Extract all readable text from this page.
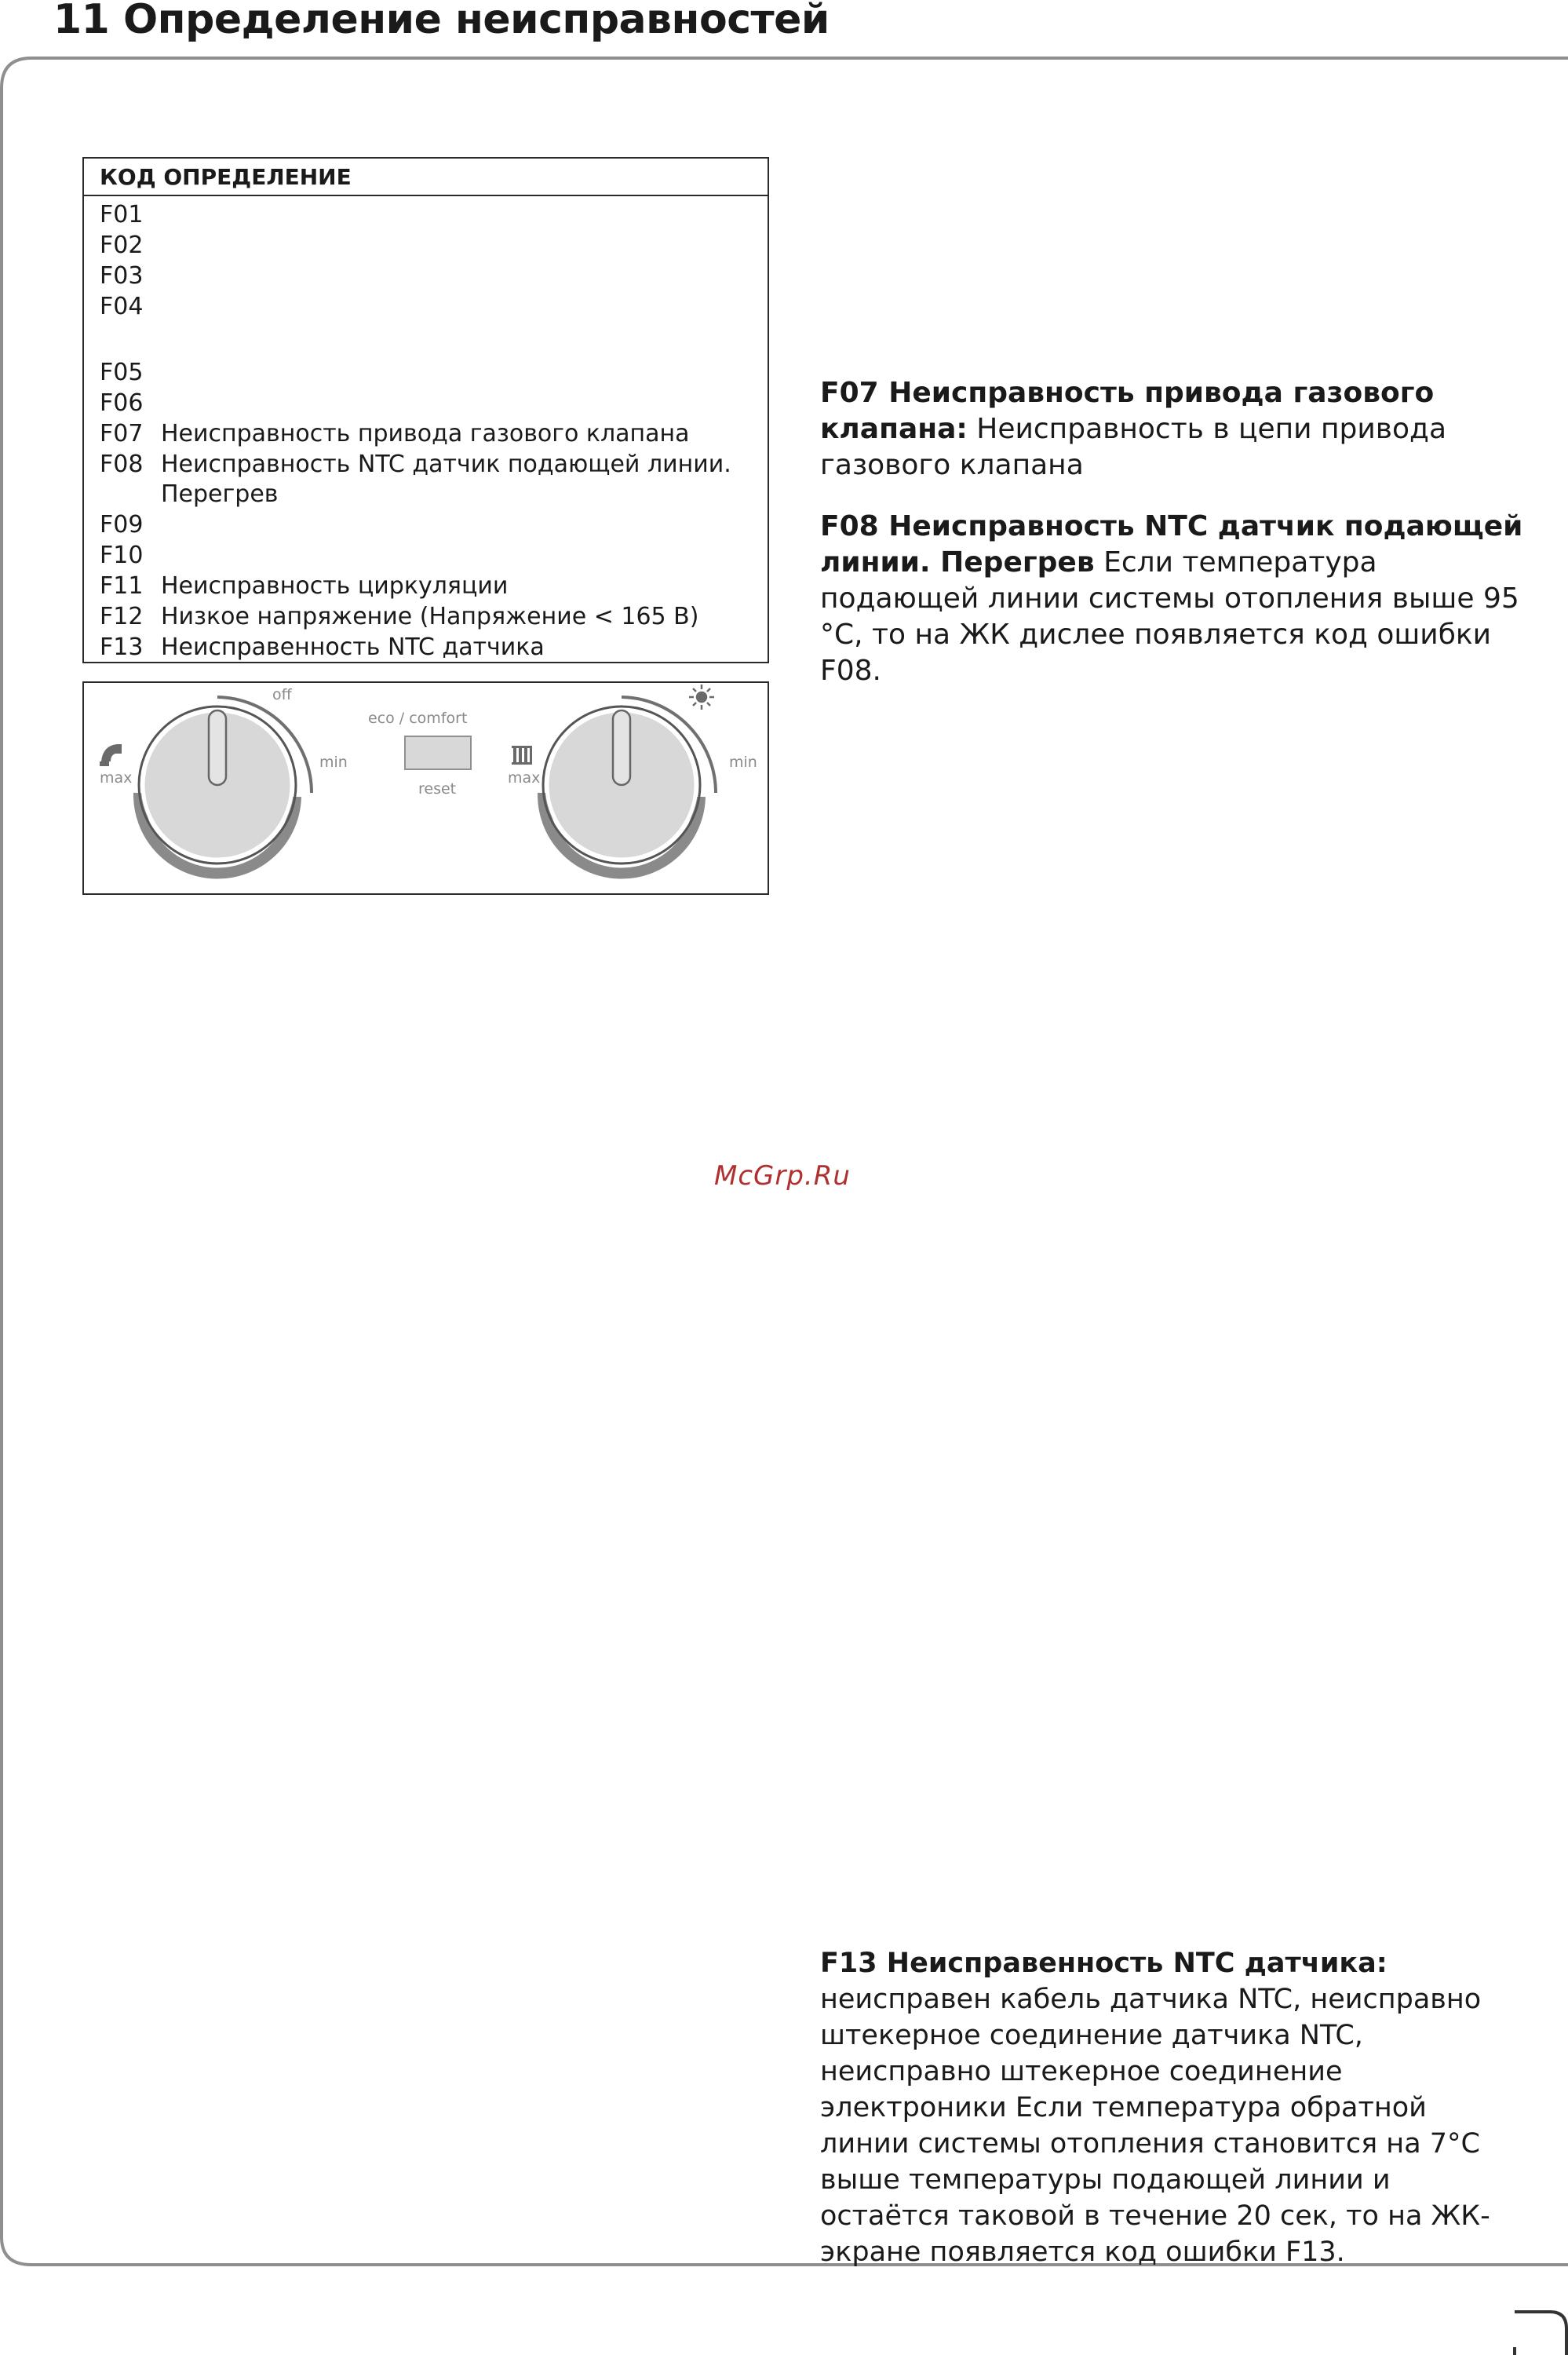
11 Определение неисправностей
КОД ОПРЕДЕЛЕНИЕ
F01
F02
F03
F04
F05
F06
F07 Неисправность привода газового клапана
F08 Неисправность NTC датчик подающей линии. Перегрев
F09
F10
F11 Неисправность циркуляции
F12 Низкое напряжение (Напряжение < 165 В)
F13 Неисправенность NTC датчика
off
min
max
eco / comfort
reset
max
min

F07 Неисправность привода газового клапана: Неисправность в цепи привода газового клапана

F08 Неисправность NTC датчик подающей линии. Перегрев Если температура подающей линии системы отопления выше 95 °C, то на ЖК дислее появляется код ошибки F08.

F13 Неисправенность NTC датчика: неисправен кабель датчика NTC, неисправно штекерное соединение датчика NTC, неисправно штекерное соединение электроники Если температура обратной линии системы отопления становится на 7°C выше температуры подающей линии и остаётся таковой в течение 20 сек, то на ЖК-экране появляется код ошибки F13.

McGrp.Ru
